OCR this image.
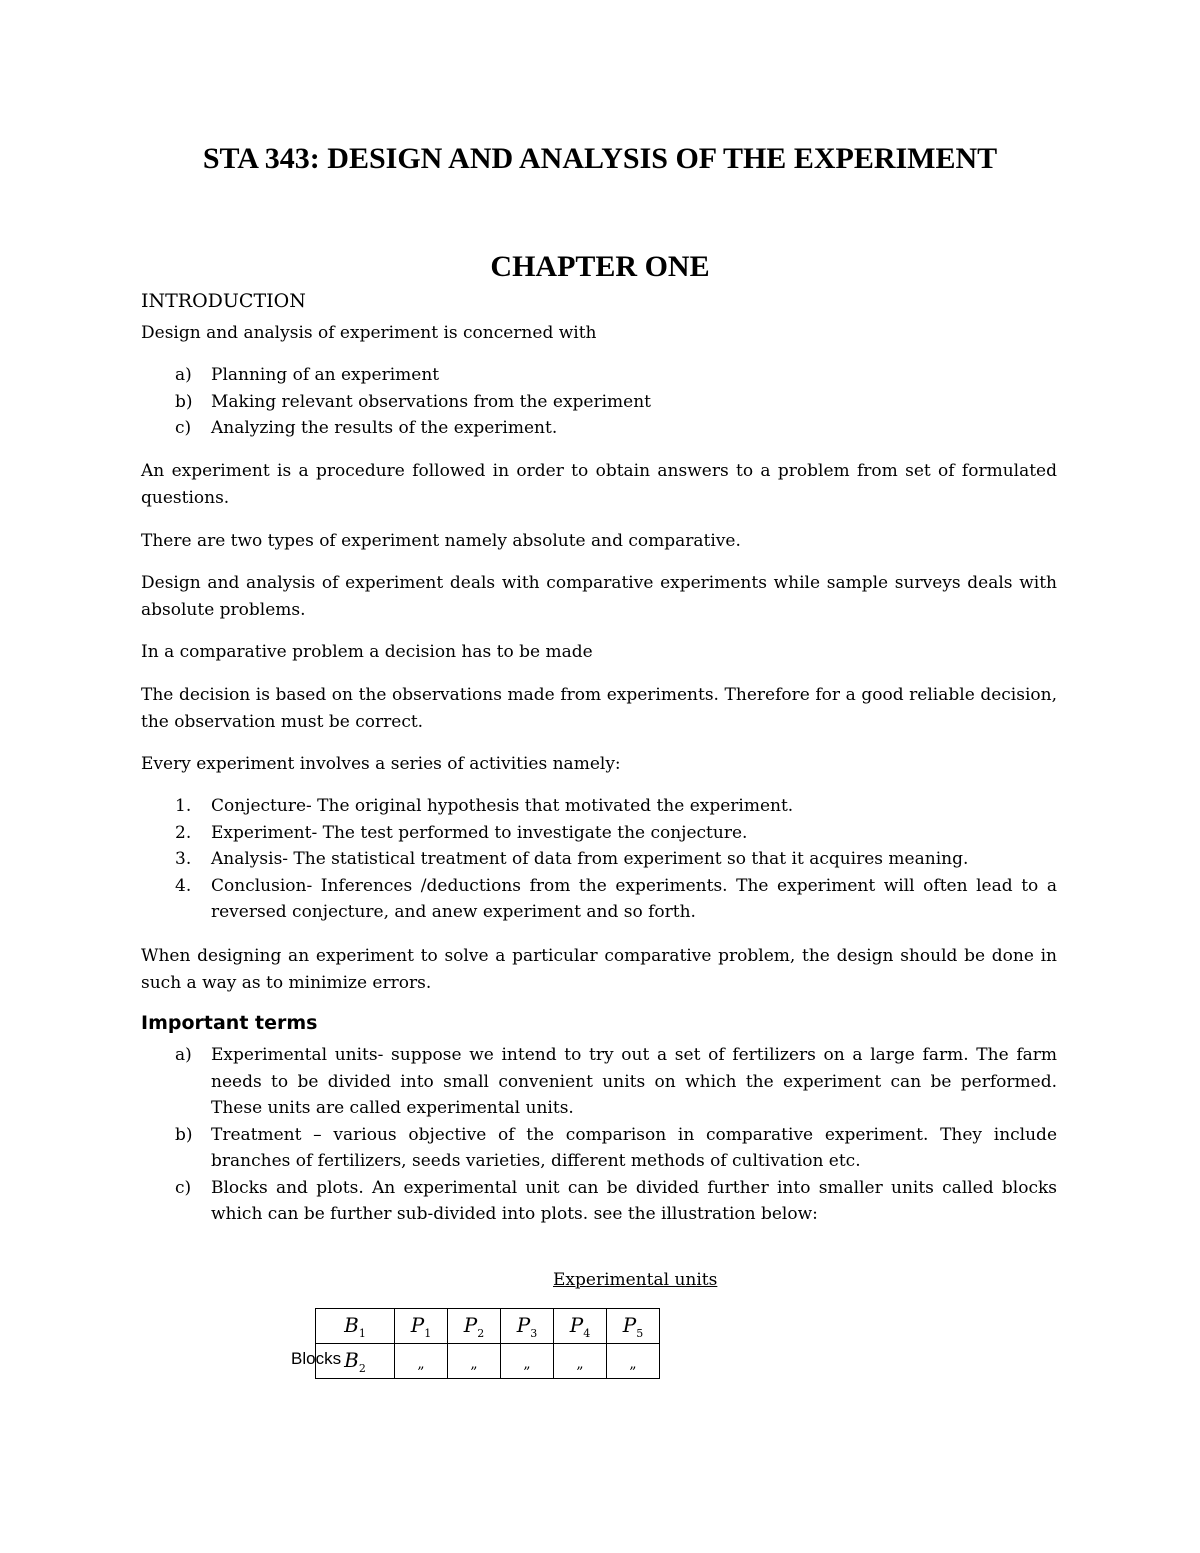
STA 343: DESIGN AND ANALYSIS OF THE EXPERIMENT
CHAPTER ONE
INTRODUCTION

Design and analysis of experiment is concerned with

a) Planning of an experiment
b) Making relevant observations from the experiment
c) Analyzing the results of the experiment.

An experiment is a procedure followed in order to obtain answers to a problem from set of formulated questions.

There are two types of experiment namely absolute and comparative.

Design and analysis of experiment deals with comparative experiments while sample surveys deals with absolute problems.

In a comparative problem a decision has to be made

The decision is based on the observations made from experiments. Therefore for a good reliable decision, the observation must be correct.

Every experiment involves a series of activities namely:

1. Conjecture- The original hypothesis that motivated the experiment.
2. Experiment- The test performed to investigate the conjecture.
3. Analysis- The statistical treatment of data from experiment so that it acquires meaning.
4. Conclusion- Inferences /deductions from the experiments. The experiment will often lead to a reversed conjecture, and anew experiment and so forth.

When designing an experiment to solve a particular comparative problem, the design should be done in such a way as to minimize errors.

Important terms
a) Experimental units- suppose we intend to try out a set of fertilizers on a large farm. The farm needs to be divided into small convenient units on which the experiment can be performed. These units are called experimental units.
b) Treatment – various objective of the comparison in comparative experiment. They include branches of fertilizers, seeds varieties, different methods of cultivation etc.
c) Blocks and plots. An experimental unit can be divided further into smaller units called blocks which can be further sub-divided into plots. see the illustration below:

Experimental units

Blocks
$B_1$	$P_1$	$P_2$	$P_3$	$P_4$	$P_5$
$B_2$	„	„	„	„	„
